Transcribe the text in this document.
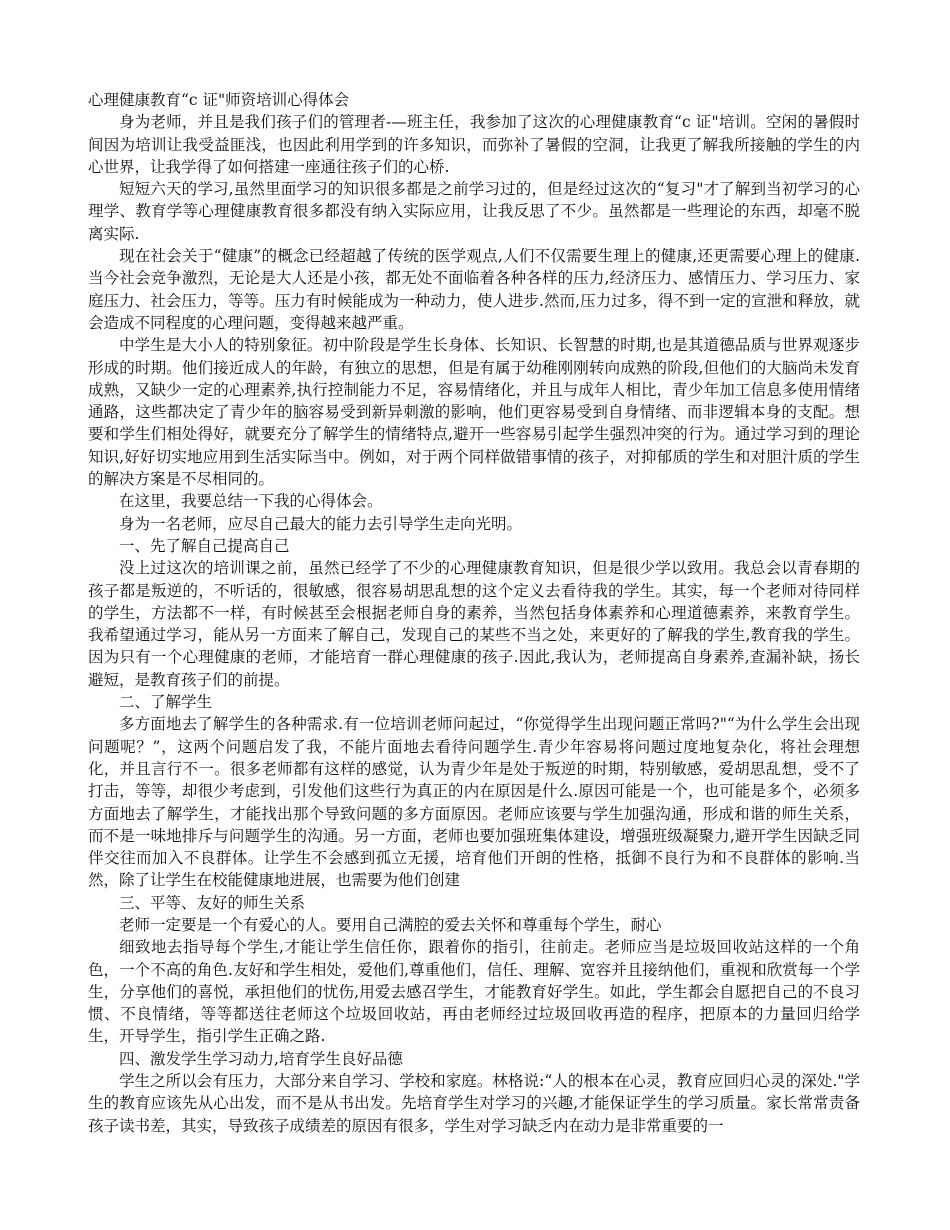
心理健康教育“c 证"师资培训心得体会

身为老师，并且是我们孩子们的管理者-—班主任，我参加了这次的心理健康教育“c 证"培训。空闲的暑假时间因为培训让我受益匪浅，也因此利用学到的许多知识，而弥补了暑假的空洞，让我更了解我所接触的学生的内心世界，让我学得了如何搭建一座通往孩子们的心桥.

短短六天的学习,虽然里面学习的知识很多都是之前学习过的，但是经过这次的“复习"才了解到当初学习的心理学、教育学等心理健康教育很多都没有纳入实际应用，让我反思了不少。虽然都是一些理论的东西，却毫不脱离实际.

现在社会关于“健康”的概念已经超越了传统的医学观点,人们不仅需要生理上的健康,还更需要心理上的健康.当今社会竞争激烈，无论是大人还是小孩，都无处不面临着各种各样的压力,经济压力、感情压力、学习压力、家庭压力、社会压力，等等。压力有时候能成为一种动力，使人进步.然而,压力过多，得不到一定的宣泄和释放，就会造成不同程度的心理问题，变得越来越严重。

中学生是大小人的特别象征。初中阶段是学生长身体、长知识、长智慧的时期,也是其道德品质与世界观逐步形成的时期。他们接近成人的年龄，有独立的思想，但是有属于幼稚刚刚转向成熟的阶段,但他们的大脑尚未发育成熟，又缺少一定的心理素养,执行控制能力不足，容易情绪化，并且与成年人相比，青少年加工信息多使用情绪通路，这些都决定了青少年的脑容易受到新异刺激的影响，他们更容易受到自身情绪、而非逻辑本身的支配。想要和学生们相处得好，就要充分了解学生的情绪特点,避开一些容易引起学生强烈冲突的行为。通过学习到的理论知识,好好切实地应用到生活实际当中。例如，对于两个同样做错事情的孩子，对抑郁质的学生和对胆汁质的学生的解决方案是不尽相同的。

在这里，我要总结一下我的心得体会。

身为一名老师，应尽自己最大的能力去引导学生走向光明。

一、先了解自己提高自己

没上过这次的培训课之前，虽然已经学了不少的心理健康教育知识，但是很少学以致用。我总会以青春期的孩子都是叛逆的，不听话的，很敏感，很容易胡思乱想的这个定义去看待我的学生。其实，每一个老师对待同样的学生，方法都不一样，有时候甚至会根据老师自身的素养，当然包括身体素养和心理道德素养，来教育学生。我希望通过学习，能从另一方面来了解自己，发现自己的某些不当之处，来更好的了解我的学生,教育我的学生。因为只有一个心理健康的老师，才能培育一群心理健康的孩子.因此,我认为，老师提高自身素养,查漏补缺，扬长避短，是教育孩子们的前提。

二、了解学生

多方面地去了解学生的各种需求.有一位培训老师问起过，“你觉得学生出现问题正常吗?"“为什么学生会出现问题呢？”，这两个问题启发了我，不能片面地去看待问题学生.青少年容易将问题过度地复杂化，将社会理想化，并且言行不一。很多老师都有这样的感觉，认为青少年是处于叛逆的时期，特别敏感，爱胡思乱想，受不了打击，等等，却很少考虑到，引发他们这些行为真正的内在原因是什么.原因可能是一个，也可能是多个，必须多方面地去了解学生，才能找出那个导致问题的多方面原因。老师应该要与学生加强沟通，形成和谐的师生关系，而不是一味地排斥与问题学生的沟通。另一方面，老师也要加强班集体建设，增强班级凝聚力,避开学生因缺乏同伴交往而加入不良群体。让学生不会感到孤立无援，培育他们开朗的性格，抵御不良行为和不良群体的影响.当然，除了让学生在校能健康地进展，也需要为他们创建

三、平等、友好的师生关系

老师一定要是一个有爱心的人。要用自己满腔的爱去关怀和尊重每个学生，耐心

细致地去指导每个学生,才能让学生信任你，跟着你的指引，往前走。老师应当是垃圾回收站这样的一个角色，一个不高的角色.友好和学生相处，爱他们,尊重他们，信任、理解、宽容并且接纳他们，重视和欣赏每一个学生，分享他们的喜悦，承担他们的忧伤,用爱去感召学生，才能教育好学生。如此，学生都会自愿把自己的不良习惯、不良情绪，等等都送往老师这个垃圾回收站，再由老师经过垃圾回收再造的程序，把原本的力量回归给学生，开导学生，指引学生正确之路.

四、激发学生学习动力,培育学生良好品德

学生之所以会有压力，大部分来自学习、学校和家庭。林格说:“人的根本在心灵，教育应回归心灵的深处."学生的教育应该先从心出发，而不是从书出发。先培育学生对学习的兴趣,才能保证学生的学习质量。家长常常责备孩子读书差，其实，导致孩子成绩差的原因有很多，学生对学习缺乏内在动力是非常重要的一
